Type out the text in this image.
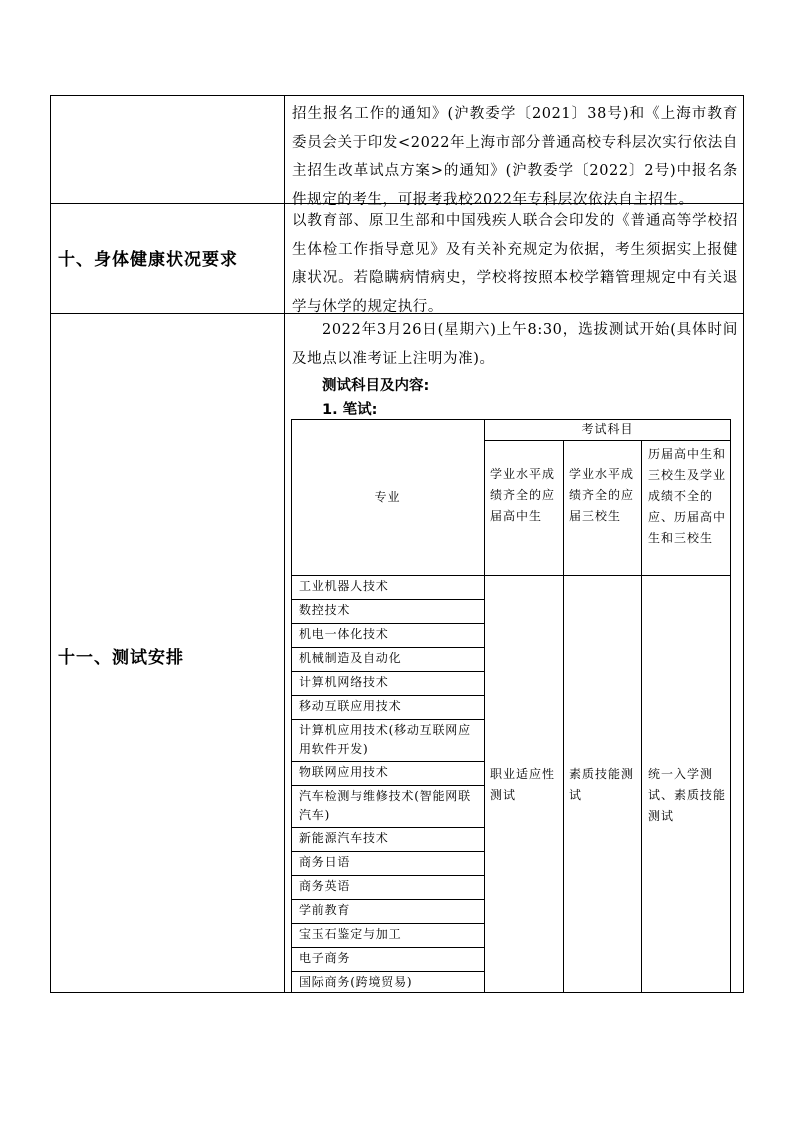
招生报名工作的通知》(沪教委学〔2021〕38号)和《上海市教育委员会关于印发<2022年上海市部分普通高校专科层次实行依法自主招生改革试点方案>的通知》(沪教委学〔2022〕2号)中报名条件规定的考生，可报考我校2022年专科层次依法自主招生。
十、身体健康状况要求
以教育部、原卫生部和中国残疾人联合会印发的《普通高等学校招生体检工作指导意见》及有关补充规定为依据，考生须据实上报健康状况。若隐瞒病情病史，学校将按照本校学籍管理规定中有关退学与休学的规定执行。
十一、测试安排
2022年3月26日(星期六)上午8:30，选拔测试开始(具体时间及地点以准考证上注明为准)。
测试科目及内容:
1. 笔试:
专业
考试科目
学业水平成绩齐全的应届高中生
学业水平成绩齐全的应届三校生
历届高中生和三校生及学业成绩不全的应、历届高中生和三校生
工业机器人技术
数控技术
机电一体化技术
机械制造及自动化
计算机网络技术
移动互联应用技术
计算机应用技术(移动互联网应用软件开发)
物联网应用技术
汽车检测与维修技术(智能网联汽车)
新能源汽车技术
商务日语
商务英语
学前教育
宝玉石鉴定与加工
电子商务
国际商务(跨境贸易)
职业适应性测试
素质技能测试
统一入学测试、素质技能测试
